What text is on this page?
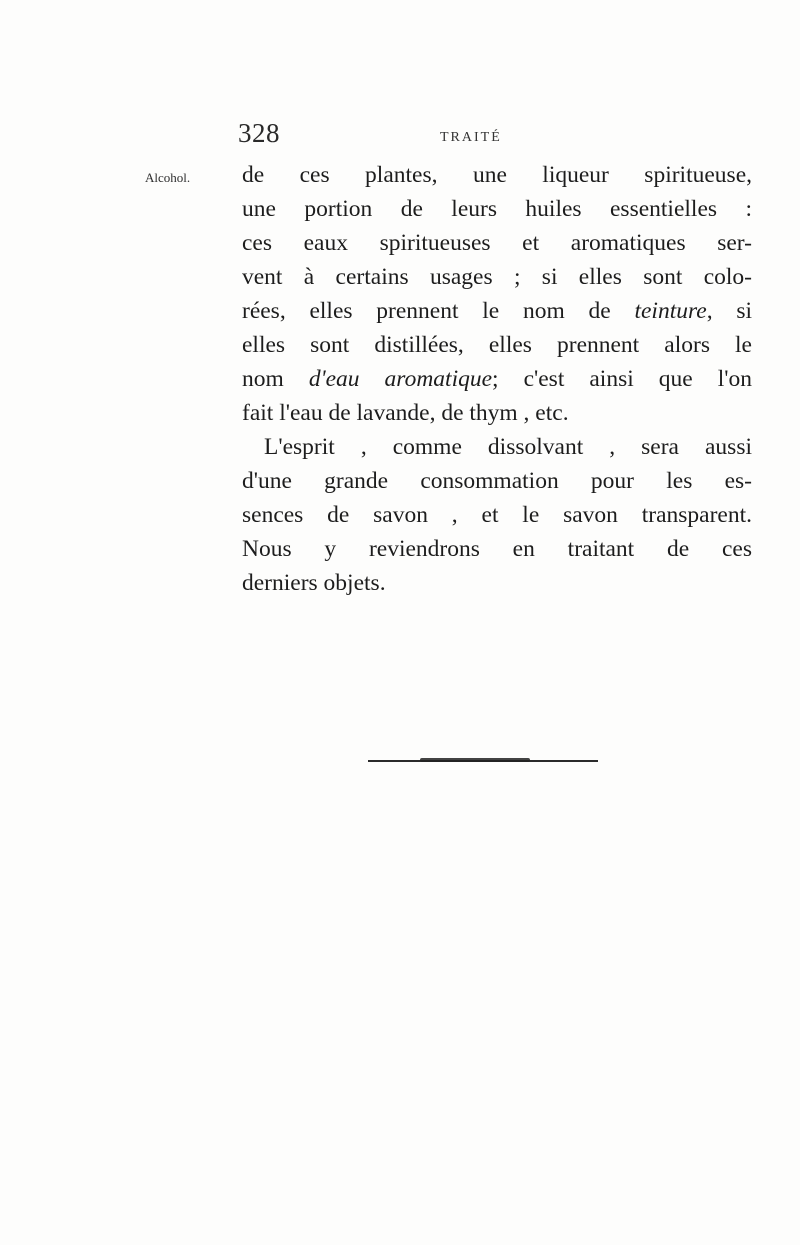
328	TRAITÉ
Alcohol. de ces plantes, une liqueur spiritueuse,
une portion de leurs huiles essentielles :
ces eaux spiritueuses et aromatiques ser-
vent à certains usages ; si elles sont colo-
rées, elles prennent le nom de teinture, si
elles sont distillées, elles prennent alors le
nom d'eau aromatique; c'est ainsi que l'on
fait l'eau de lavande, de thym , etc.
L'esprit , comme dissolvant , sera aussi
d'une grande consommation pour les es-
sences de savon , et le savon transparent.
Nous y reviendrons en traitant de ces
derniers objets.
